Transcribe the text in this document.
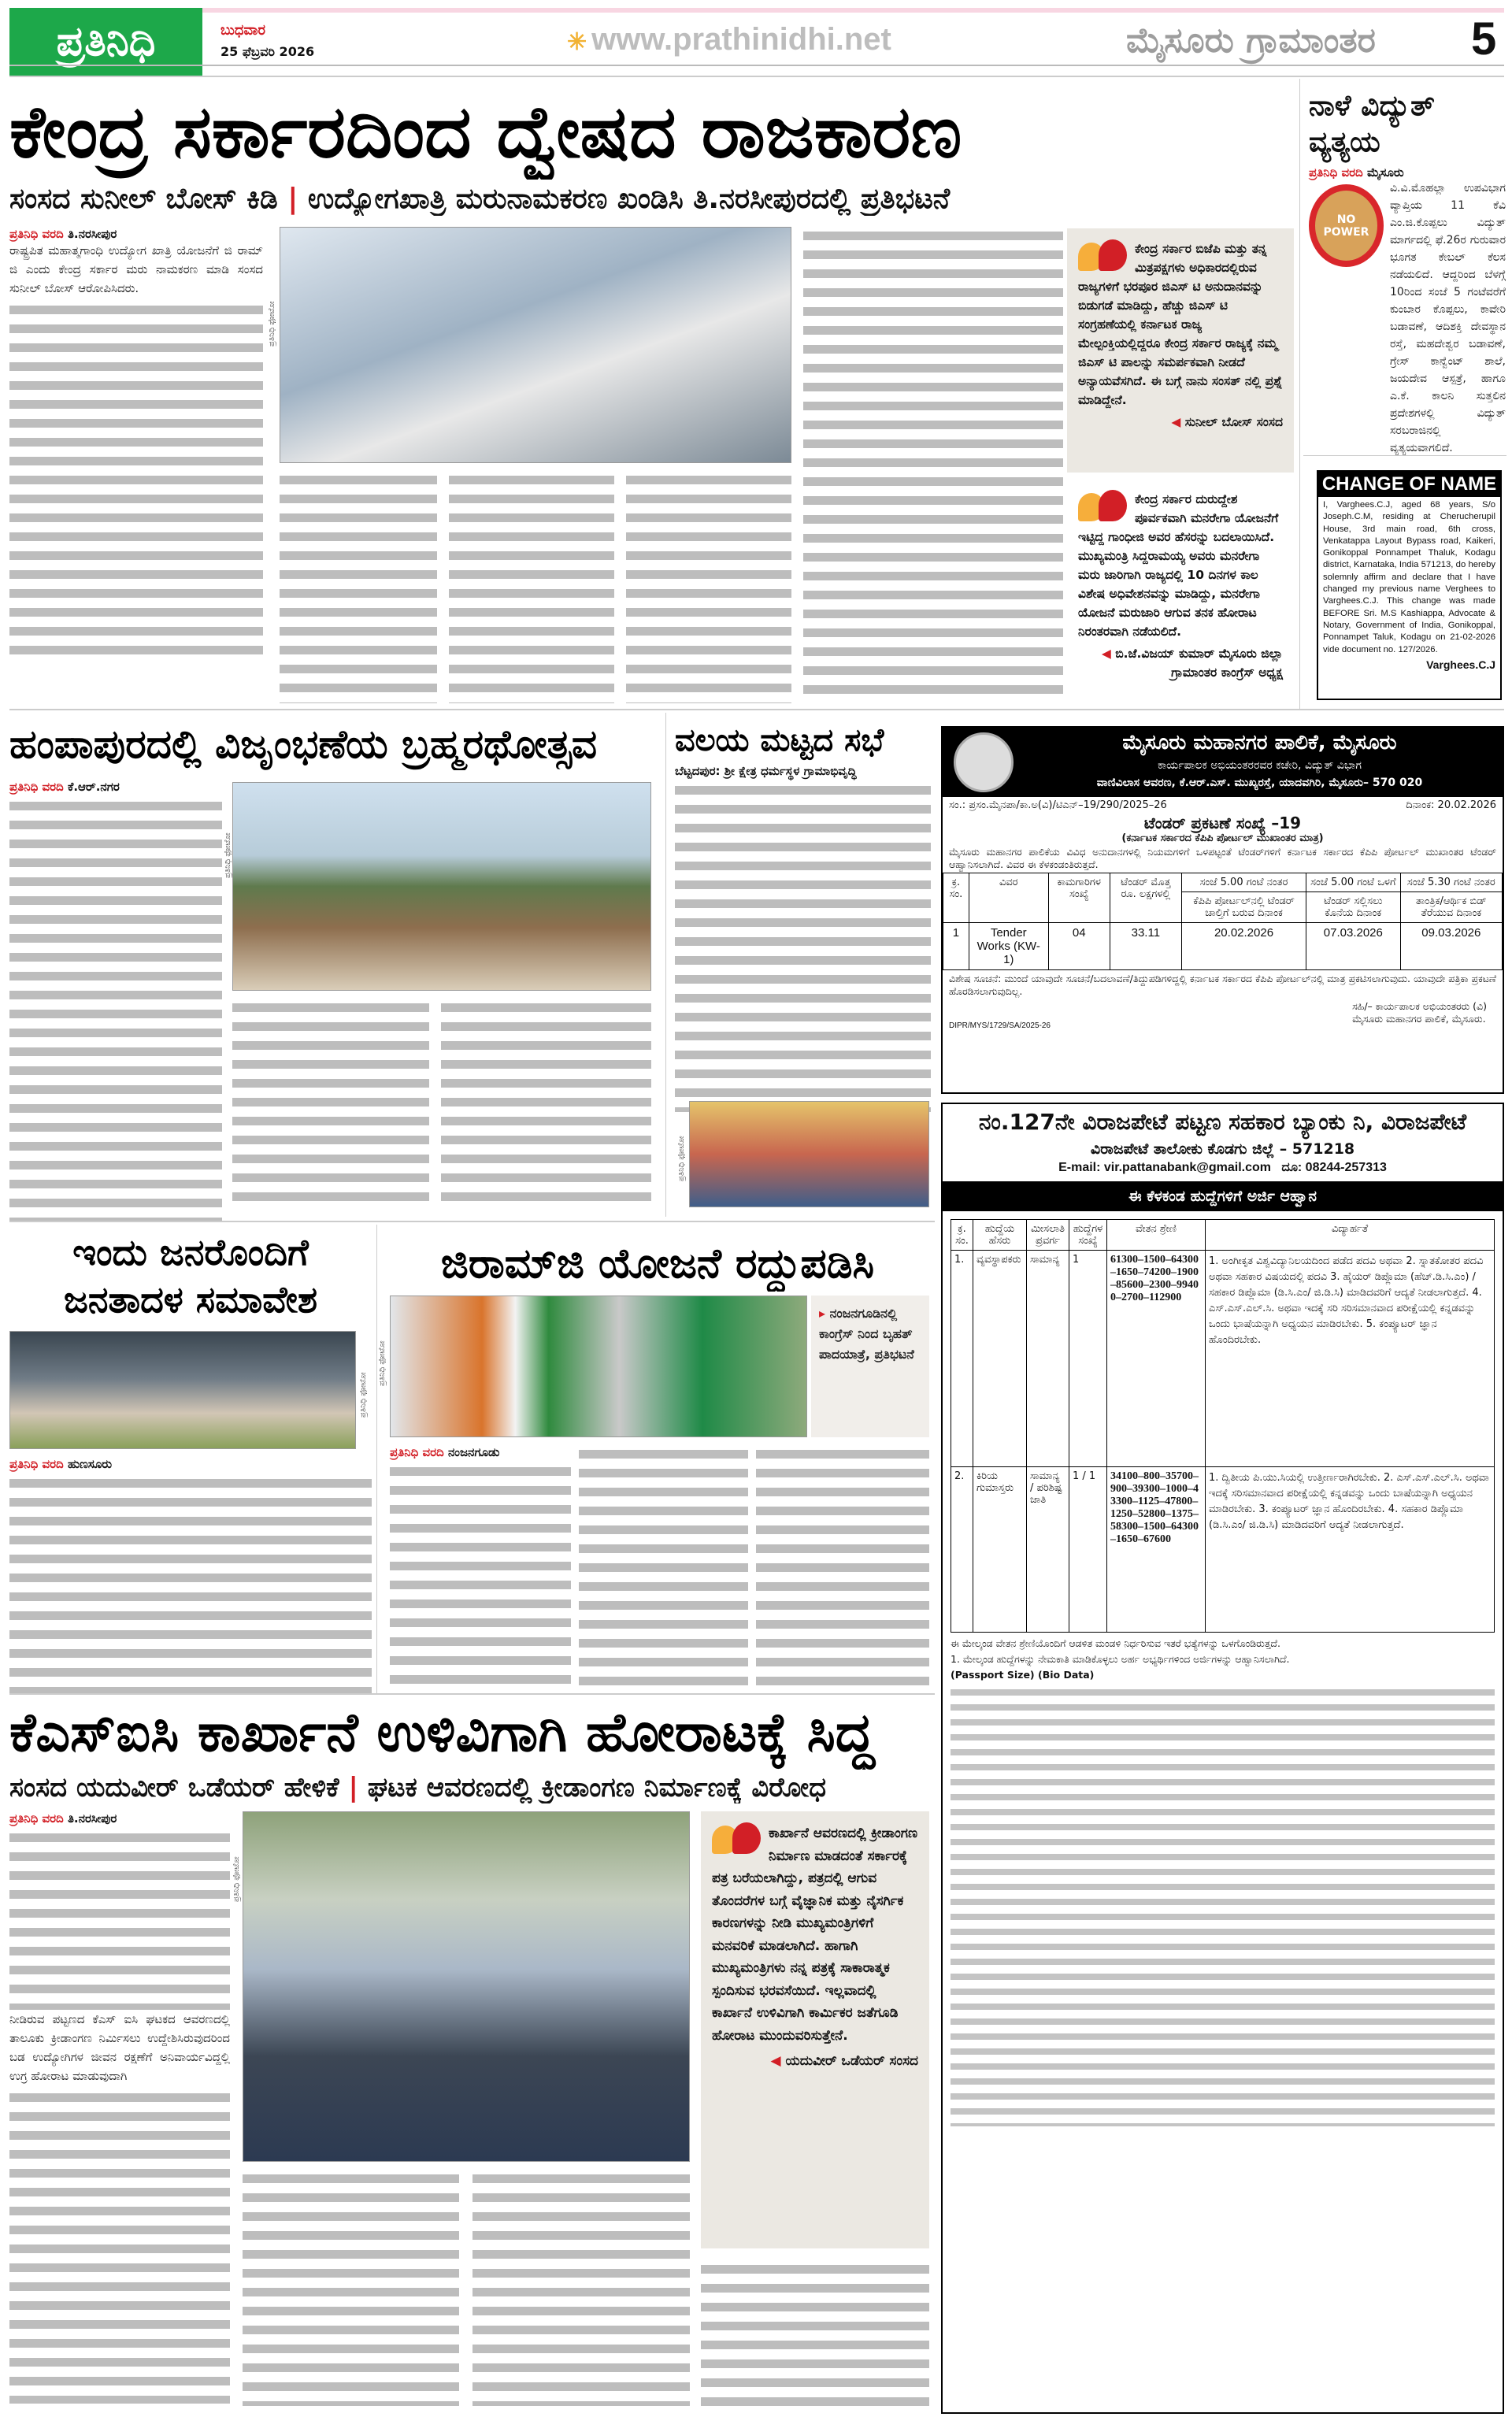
ಪ್ರತಿನಿಧಿ	ಬುಧವಾರ
25 ಫೆಬ್ರವರಿ 2026	✳ www.prathinidhi.net	ಮೈಸೂರು ಗ್ರಾಮಾಂತರ 5
ಕೇಂದ್ರ ಸರ್ಕಾರದಿಂದ ದ್ವೇಷದ ರಾಜಕಾರಣ
ಸಂಸದ ಸುನೀಲ್ ಬೋಸ್ ಕಿಡಿ | ಉದ್ಯೋಗಖಾತ್ರಿ ಮರುನಾಮಕರಣ ಖಂಡಿಸಿ ತಿ.ನರಸೀಪುರದಲ್ಲಿ ಪ್ರತಿಭಟನೆ
ಪ್ರತಿನಿಧಿ ವರದಿ ತಿ.ನರಸೀಪುರ
ರಾಷ್ಟ್ರಪಿತ ಮಹಾತ್ಮಗಾಂಧಿ ಉದ್ಯೋಗ ಖಾತ್ರಿ ಯೋಜನೆಗೆ ಜಿ ರಾಮ್ ಜಿ ಎಂದು ಕೇಂದ್ರ ಸರ್ಕಾರ ಮರು ನಾಮಕರಣ ಮಾಡಿ ಸಂಸದ ಸುನೀಲ್ ಬೋಸ್ ಆರೋಪಿಸಿದರು.
ಪ್ರತಿನಿಧಿ ಫೋಟೋ
ಕೇಂದ್ರ ಸರ್ಕಾರ ಬಿಜೆಪಿ ಮತ್ತು ತನ್ನ ಮಿತ್ರಪಕ್ಷಗಳು ಅಧಿಕಾರದಲ್ಲಿರುವ ರಾಜ್ಯಗಳಿಗೆ ಭರಪೂರ ಜಿಎಸ್ ಟಿ ಅನುದಾನವನ್ನು ಬಿಡುಗಡೆ ಮಾಡಿದ್ದು, ಹೆಚ್ಚು ಜಿಎಸ್ ಟಿ ಸಂಗ್ರಹಣೆಯಲ್ಲಿ ಕರ್ನಾಟಕ ರಾಜ್ಯ ಮೇಲ್ಪಂಕ್ತಿಯಲ್ಲಿದ್ದರೂ ಕೇಂದ್ರ ಸರ್ಕಾರ ರಾಜ್ಯಕ್ಕೆ ನಮ್ಮ ಜಿಎಸ್ ಟಿ ಪಾಲನ್ನು ಸಮರ್ಪಕವಾಗಿ ನೀಡದೆ ಅನ್ಯಾಯವೆಸಗಿದೆ. ಈ ಬಗ್ಗೆ ನಾನು ಸಂಸತ್ ನಲ್ಲಿ ಪ್ರಶ್ನೆ ಮಾಡಿದ್ದೇನೆ.
◀ ಸುನೀಲ್ ಬೋಸ್ ಸಂಸದ
ಕೇಂದ್ರ ಸರ್ಕಾರ ದುರುದ್ದೇಶ ಪೂರ್ವಕವಾಗಿ ಮನರೇಗಾ ಯೋಜನೆಗೆ ಇಟ್ಟಿದ್ದ ಗಾಂಧೀಜಿ ಅವರ ಹೆಸರನ್ನು ಬದಲಾಯಿಸಿದೆ. ಮುಖ್ಯಮಂತ್ರಿ ಸಿದ್ದರಾಮಯ್ಯ ಅವರು ಮನರೇಗಾ ಮರು ಜಾರಿಗಾಗಿ ರಾಜ್ಯದಲ್ಲಿ 10 ದಿನಗಳ ಕಾಲ ವಿಶೇಷ ಅಧಿವೇಶನವನ್ನು ಮಾಡಿದ್ದು, ಮನರೇಗಾ ಯೋಜನೆ ಮರುಜಾರಿ ಆಗುವ ತನಕ ಹೋರಾಟ ನಿರಂತರವಾಗಿ ನಡೆಯಲಿದೆ.
◀ ಬಿ.ಜೆ.ವಿಜಯ್ ಕುಮಾರ್ ಮೈಸೂರು ಜಿಲ್ಲಾ ಗ್ರಾಮಾಂತರ ಕಾಂಗ್ರೆಸ್ ಅಧ್ಯಕ್ಷ
ನಾಳೆ ವಿದ್ಯುತ್ ವ್ಯತ್ಯಯ
ಪ್ರತಿನಿಧಿ ವರದಿ ಮೈಸೂರು
NO POWER
ವಿ.ವಿ.ಮೊಹಲ್ಲಾ ಉಪವಿಭಾಗ ವ್ಯಾಪ್ತಿಯ 11 ಕೆವಿ ಎಂ.ಜಿ.ಕೊಪ್ಪಲು ವಿದ್ಯುತ್ ಮಾರ್ಗದಲ್ಲಿ ಫೆ.26ರ ಗುರುವಾರ ಭೂಗತ ಕೇಬಲ್ ಕೆಲಸ ನಡೆಯಲಿದೆ. ಆದ್ದರಿಂದ ಬೆಳಗ್ಗೆ 10ರಿಂದ ಸಂಜೆ 5 ಗಂಟೆವರೆಗೆ ಕುಂಬಾರ ಕೊಪ್ಪಲು, ಕಾವೇರಿ ಬಡಾವಣೆ, ಆದಿಶಕ್ತಿ ದೇವಸ್ಥಾನ ರಸ್ತೆ, ಮಹದೇಶ್ವರ ಬಡಾವಣೆ, ಗ್ರೇಸ್ ಕಾನ್ವೆಂಟ್ ಶಾಲೆ, ಜಯದೇವ ಆಸ್ಪತ್ರೆ, ಹಾಗೂ ಎ.ಕೆ. ಕಾಲನಿ ಸುತ್ತಲಿನ ಪ್ರದೇಶಗಳಲ್ಲಿ ವಿದ್ಯುತ್ ಸರಬರಾಜಿನಲ್ಲಿ ವ್ಯತ್ಯಯವಾಗಲಿದೆ.
CHANGE OF NAME
I, Varghees.C.J, aged 68 years, S/o Joseph.C.M, residing at Cherucherupil House, 3rd main road, 6th cross, Venkatappa Layout Bypass road, Kaikeri, Gonikoppal Ponnampet Thaluk, Kodagu district, Karnataka, India 571213, do hereby solemnly affirm and declare that I have changed my previous name Verghees to Varghees.C.J. This change was made BEFORE Sri. M.S Kashiappa, Advocate & Notary, Government of India, Gonikoppal, Ponnampet Taluk, Kodagu on 21-02-2026 vide document no. 127/2026.
Varghees.C.J
ಹಂಪಾಪುರದಲ್ಲಿ ವಿಜೃಂಭಣೆಯ ಬ್ರಹ್ಮರಥೋತ್ಸವ
ಪ್ರತಿನಿಧಿ ವರದಿ ಕೆ.ಆರ್.ನಗರ
ಪ್ರತಿನಿಧಿ ಫೋಟೋ
ವಲಯ ಮಟ್ಟದ ಸಭೆ
ಬೆಟ್ಟದಪುರ: ಶ್ರೀ ಕ್ಷೇತ್ರ ಧರ್ಮಸ್ಥಳ ಗ್ರಾಮಾಭಿವೃದ್ಧಿ
ಪ್ರತಿನಿಧಿ ಫೋಟೋ
ಮೈಸೂರು ಮಹಾನಗರ ಪಾಲಿಕೆ, ಮೈಸೂರು
ಕಾರ್ಯಪಾಲಕ ಅಭಿಯಂತರರವರ ಕಚೇರಿ, ವಿದ್ಯುತ್ ವಿಭಾಗ
ವಾಣಿವಿಲಾಸ ಆವರಣ, ಕೆ.ಆರ್.ಎಸ್. ಮುಖ್ಯರಸ್ತೆ, ಯಾದವಗಿರಿ, ಮೈಸೂರು– 570 020
ಸಂ.: ಪ್ರಸಂ.ಮೈನಪಾ/ಕಾ.ಅ(ವಿ)/ಟಿಎನ್–19/290/2025–26	ದಿನಾಂಕ: 20.02.2026
ಟೆಂಡರ್ ಪ್ರಕಟಣೆ ಸಂಖ್ಯೆ –19
(ಕರ್ನಾಟಕ ಸರ್ಕಾರದ ಕೆಪಿಪಿ ಪೋರ್ಟಲ್ ಮುಖಾಂತರ ಮಾತ್ರ)
ಮೈಸೂರು ಮಹಾನಗರ ಪಾಲಿಕೆಯ ವಿವಿಧ ಅನುದಾನಗಳಲ್ಲಿ ನಿಯಮಗಳಿಗೆ ಒಳಪಟ್ಟಂತೆ ಟೆಂಡರ್‌ಗಳಿಗೆ ಕರ್ನಾಟಕ ಸರ್ಕಾರದ ಕೆಪಿಪಿ ಪೋರ್ಟಲ್ ಮುಖಾಂತರ ಟೆಂಡರ್ ಆಹ್ವಾನಿಸಲಾಗಿದೆ. ವಿವರ ಈ ಕೆಳಕಂಡಂತಿರುತ್ತದೆ.
ಕ್ರ. ಸಂ.	ವಿವರ	ಕಾಮಗಾರಿಗಳ ಸಂಖ್ಯೆ	ಟೆಂಡರ್ ಮೊತ್ತ ರೂ. ಲಕ್ಷಗಳಲ್ಲಿ	ಸಂಜೆ 5.00 ಗಂಟೆ ನಂತರ	ಸಂಜೆ 5.00 ಗಂಟೆ ಒಳಗೆ	ಸಂಜೆ 5.30 ಗಂಟೆ ನಂತರ
				ಕೆಪಿಪಿ ಪೋರ್ಟಲ್‌ನಲ್ಲಿ ಟೆಂಡರ್ ಚಾಲ್ತಿಗೆ ಬರುವ ದಿನಾಂಕ	ಟೆಂಡರ್ ಸಲ್ಲಿಸಲು ಕೊನೆಯ ದಿನಾಂಕ	ತಾಂತ್ರಿಕ/ಆರ್ಥಿಕ ಬಿಡ್ ತೆರೆಯುವ ದಿನಾಂಕ
1	Tender Works (KW-1)	04	33.11	20.02.2026	07.03.2026	09.03.2026
ವಿಶೇಷ ಸೂಚನೆ: ಮುಂದೆ ಯಾವುದೇ ಸೂಚನೆ/ಬದಲಾವಣೆ/ತಿದ್ದುಪಡಿಗಳಿದ್ದಲ್ಲಿ ಕರ್ನಾಟಕ ಸರ್ಕಾರದ ಕೆಪಿಪಿ ಪೋರ್ಟಲ್‌ನಲ್ಲಿ ಮಾತ್ರ ಪ್ರಕಟಿಸಲಾಗುವುದು. ಯಾವುದೇ ಪತ್ರಿಕಾ ಪ್ರಕಟಣೆ ಹೊರಡಿಸಲಾಗುವುದಿಲ್ಲ.
DIPR/MYS/1729/SA/2025-26
ಸಹಿ/– ಕಾರ್ಯಪಾಲಕ ಅಭಿಯಂತರರು (ವಿ)
ಮೈಸೂರು ಮಹಾನಗರ ಪಾಲಿಕೆ, ಮೈಸೂರು.
ನಂ.127ನೇ ವಿರಾಜಪೇಟೆ ಪಟ್ಟಣ ಸಹಕಾರ ಬ್ಯಾಂಕು ನಿ, ವಿರಾಜಪೇಟೆ
ವಿರಾಜಪೇಟೆ ತಾಲೋಕು ಕೊಡಗು ಜಿಲ್ಲೆ – 571218
E-mail: vir.pattanabank@gmail.com ದೂ: 08244-257313
ಈ ಕೆಳಕಂಡ ಹುದ್ದೆಗಳಿಗೆ ಅರ್ಜಿ ಆಹ್ವಾನ
ಕ್ರ. ಸಂ.	ಹುದ್ದೆಯ ಹೆಸರು	ಮೀಸಲಾತಿ ಪ್ರವರ್ಗ	ಹುದ್ದೆಗಳ ಸಂಖ್ಯೆ	ವೇತನ ಶ್ರೇಣಿ	ವಿದ್ಯಾರ್ಹತೆ
1.	ವ್ಯವಸ್ಥಾಪಕರು	ಸಾಮಾನ್ಯ	1	61300–1500–64300–1650–74200–1900–85600–2300–99400–2700–112900	1. ಅಂಗೀಕೃತ ವಿಶ್ವವಿದ್ಯಾನಿಲಯದಿಂದ ಪಡೆದ ಪದವಿ ಅಥವಾ 2. ಸ್ನಾತಕೋತರ ಪದವಿ ಅಥವಾ ಸಹಕಾರ ವಿಷಯದಲ್ಲಿ ಪದವಿ 3. ಹೈಯರ್ ಡಿಪ್ಲೊಮಾ (ಹೆಚ್.ಡಿ.ಸಿ.ಎಂ) /ಸಹಕಾರ ಡಿಪ್ಲೊಮಾ (ಡಿ.ಸಿ.ಎಂ/ ಜಿ.ಡಿ.ಸಿ) ಮಾಡಿದವರಿಗೆ ಆದ್ಯತೆ ನೀಡಲಾಗುತ್ತದೆ. 4. ಎಸ್.ಎಸ್.ಎಲ್.ಸಿ. ಅಥವಾ ಇದಕ್ಕೆ ಸರಿ ಸರಿಸಮಾನವಾದ ಪರೀಕ್ಷೆಯಲ್ಲಿ ಕನ್ನಡವನ್ನು ಒಂದು ಭಾಷೆಯನ್ನಾಗಿ ಅಧ್ಯಯನ ಮಾಡಿರಬೇಕು. 5. ಕಂಪ್ಯೂಟರ್ ಜ್ಞಾನ ಹೊಂದಿರಬೇಕು.
2.	ಕಿರಿಯ ಗುಮಾಸ್ತರು	ಸಾಮಾನ್ಯ / ಪರಿಶಿಷ್ಟ ಜಾತಿ	1 / 1	34100–800–35700–900–39300–1000–43300–1125–47800–1250–52800–1375–58300–1500–64300–1650–67600	1. ದ್ವಿತೀಯ ಪಿ.ಯು.ಸಿಯಲ್ಲಿ ಉತ್ತೀರ್ಣರಾಗಿರಬೇಕು. 2. ಎಸ್.ಎಸ್.ಎಲ್.ಸಿ. ಅಥವಾ ಇದಕ್ಕೆ ಸರಿಸಮಾನವಾದ ಪರೀಕ್ಷೆಯಲ್ಲಿ ಕನ್ನಡವನ್ನು ಒಂದು ಬಾಷೆಯನ್ನಾಗಿ ಅಧ್ಯಯನ ಮಾಡಿರಬೇಕು. 3. ಕಂಪ್ಯೂಟರ್ ಜ್ಞಾನ ಹೊಂದಿರಬೇಕು. 4. ಸಹಕಾರ ಡಿಪ್ಲೊಮಾ (ಡಿ.ಸಿ.ಎಂ/ ಜಿ.ಡಿ.ಸಿ) ಮಾಡಿದವರಿಗೆ ಆದ್ಯತೆ ನೀಡಲಾಗುತ್ತದೆ.
ಈ ಮೇಲ್ಕಂಡ ವೇತನ ಶ್ರೇಣಿಯೊಂದಿಗೆ ಆಡಳಿತ ಮಂಡಳಿ ನಿರ್ಧರಿಸುವ ಇತರೆ ಭತ್ಯೆಗಳನ್ನು ಒಳಗೊಂಡಿರುತ್ತದೆ.
1. ಮೇಲ್ಕಂಡ ಹುದ್ದೆಗಳನ್ನು ನೇಮಕಾತಿ ಮಾಡಿಕೊಳ್ಳಲು ಅರ್ಹ ಅಭ್ಯರ್ಥಿಗಳಿಂದ ಅರ್ಜಿಗಳನ್ನು ಆಹ್ವಾನಿಸಲಾಗಿದೆ.
(Passport Size) (Bio Data)
ಇಂದು ಜನರೊಂದಿಗೆ ಜನತಾದಳ ಸಮಾವೇಶ
ಪ್ರತಿನಿಧಿ ಫೋಟೋ
ಪ್ರತಿನಿಧಿ ವರದಿ ಹುಣಸೂರು
ಜಿರಾಮ್‌ಜಿ ಯೋಜನೆ ರದ್ದುಪಡಿಸಿ
ಪ್ರತಿನಿಧಿ ಫೋಟೋ
▸ ನಂಜನಗೂಡಿನಲ್ಲಿ ಕಾಂಗ್ರೆಸ್ ನಿಂದ ಬೃಹತ್ ಪಾದಯಾತ್ರೆ, ಪ್ರತಿಭಟನೆ
ಪ್ರತಿನಿಧಿ ವರದಿ ನಂಜನಗೂಡು
ಕೆಎಸ್‌ಐಸಿ ಕಾರ್ಖಾನೆ ಉಳಿವಿಗಾಗಿ ಹೋರಾಟಕ್ಕೆ ಸಿದ್ಧ
ಸಂಸದ ಯದುವೀರ್ ಒಡೆಯರ್ ಹೇಳಿಕೆ | ಘಟಕ ಆವರಣದಲ್ಲಿ ಕ್ರೀಡಾಂಗಣ ನಿರ್ಮಾಣಕ್ಕೆ ವಿರೋಧ
ಪ್ರತಿನಿಧಿ ವರದಿ ತಿ.ನರಸೀಪುರ
ನೀಡಿರುವ ಪಟ್ಟಣದ ಕೆಎಸ್ ಐಸಿ ಘಟಕದ ಆವರಣದಲ್ಲಿ ತಾಲೂಕು ಕ್ರೀಡಾಂಗಣ ನಿರ್ಮಿಸಲು ಉದ್ದೇಶಿಸಿರುವುದರಿಂದ ಬಡ ಉದ್ಯೋಗಿಗಳ ಜೀವನ ರಕ್ಷಣೆಗೆ ಅನಿವಾರ್ಯವಿದ್ದಲ್ಲಿ ಉಗ್ರ ಹೋರಾಟ ಮಾಡುವುದಾಗಿ
ಪ್ರತಿನಿಧಿ ಫೋಟೋ
ಕಾರ್ಖಾನೆ ಆವರಣದಲ್ಲಿ ಕ್ರೀಡಾಂಗಣ ನಿರ್ಮಾಣ ಮಾಡದಂತೆ ಸರ್ಕಾರಕ್ಕೆ ಪತ್ರ ಬರೆಯಲಾಗಿದ್ದು, ಪತ್ರದಲ್ಲಿ ಆಗುವ ತೊಂದರೆಗಳ ಬಗ್ಗೆ ವೈಜ್ಞಾನಿಕ ಮತ್ತು ನೈಸರ್ಗಿಕ ಕಾರಣಗಳನ್ನು ನೀಡಿ ಮುಖ್ಯಮಂತ್ರಿಗಳಿಗೆ ಮನವರಿಕೆ ಮಾಡಲಾಗಿದೆ. ಹಾಗಾಗಿ ಮುಖ್ಯಮಂತ್ರಿಗಳು ನನ್ನ ಪತ್ರಕ್ಕೆ ಸಾಕಾರಾತ್ಮಕ ಸ್ಪಂದಿಸುವ ಭರವಸೆಯಿದೆ. ಇಲ್ಲವಾದಲ್ಲಿ ಕಾರ್ಖಾನೆ ಉಳಿವಿಗಾಗಿ ಕಾರ್ಮಿಕರ ಜತೆಗೂಡಿ ಹೋರಾಟ ಮುಂದುವರಿಸುತ್ತೇನೆ.
◀ ಯದುವೀರ್ ಒಡೆಯರ್ ಸಂಸದ
